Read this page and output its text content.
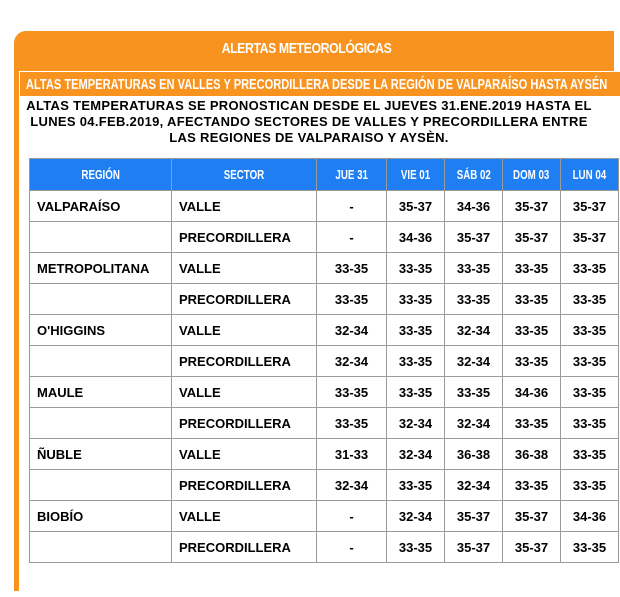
ALERTAS METEOROLÓGICAS
ALTAS TEMPERATURAS EN VALLES Y PRECORDILLERA DESDE LA REGIÓN DE VALPARAÍSO HASTA AYSÉN
ALTAS TEMPERATURAS SE PRONOSTICAN DESDE EL JUEVES 31.ENE.2019 HASTA EL LUNES 04.FEB.2019, AFECTANDO SECTORES DE VALLES Y PRECORDILLERA ENTRE LAS REGIONES DE VALPARAISO Y AYSÈN.
REGIÓN	SECTOR	JUE 31	VIE 01	SÁB 02	DOM 03	LUN 04
VALPARAÍSO	VALLE	-	35-37	34-36	35-37	35-37
	PRECORDILLERA	-	34-36	35-37	35-37	35-37
METROPOLITANA	VALLE	33-35	33-35	33-35	33-35	33-35
	PRECORDILLERA	33-35	33-35	33-35	33-35	33-35
O'HIGGINS	VALLE	32-34	33-35	32-34	33-35	33-35
	PRECORDILLERA	32-34	33-35	32-34	33-35	33-35
MAULE	VALLE	33-35	33-35	33-35	34-36	33-35
	PRECORDILLERA	33-35	32-34	32-34	33-35	33-35
ÑUBLE	VALLE	31-33	32-34	36-38	36-38	33-35
	PRECORDILLERA	32-34	33-35	32-34	33-35	33-35
BIOBÍO	VALLE	-	32-34	35-37	35-37	34-36
	PRECORDILLERA	-	33-35	35-37	35-37	33-35
